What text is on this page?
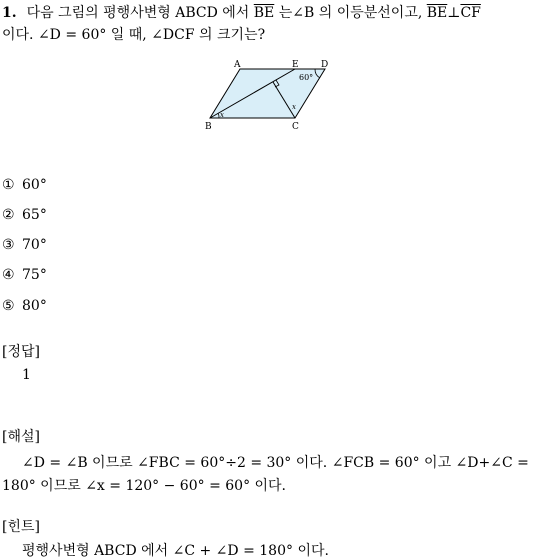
1. 다음 그림의 평행사변형 ABCD 에서 $\overline{BE}$ 는∠B 의 이등분선이고, $\overline{BE}\perp\overline{CF}$
이다. ∠D = 60° 일 때, ∠DCF 의 크기는?
A	E D
B	C
60°
x
x
① 60°
② 65°
③ 70°
④ 75°
⑤ 80°
[정답]
1
[해설]
∠D = ∠B 이므로 ∠FBC = 60°÷2 = 30° 이다. ∠FCB = 60° 이고 ∠D+∠C =
180° 이므로 ∠x = 120° − 60° = 60° 이다.
[힌트]
평행사변형 ABCD 에서 ∠C + ∠D = 180° 이다.
